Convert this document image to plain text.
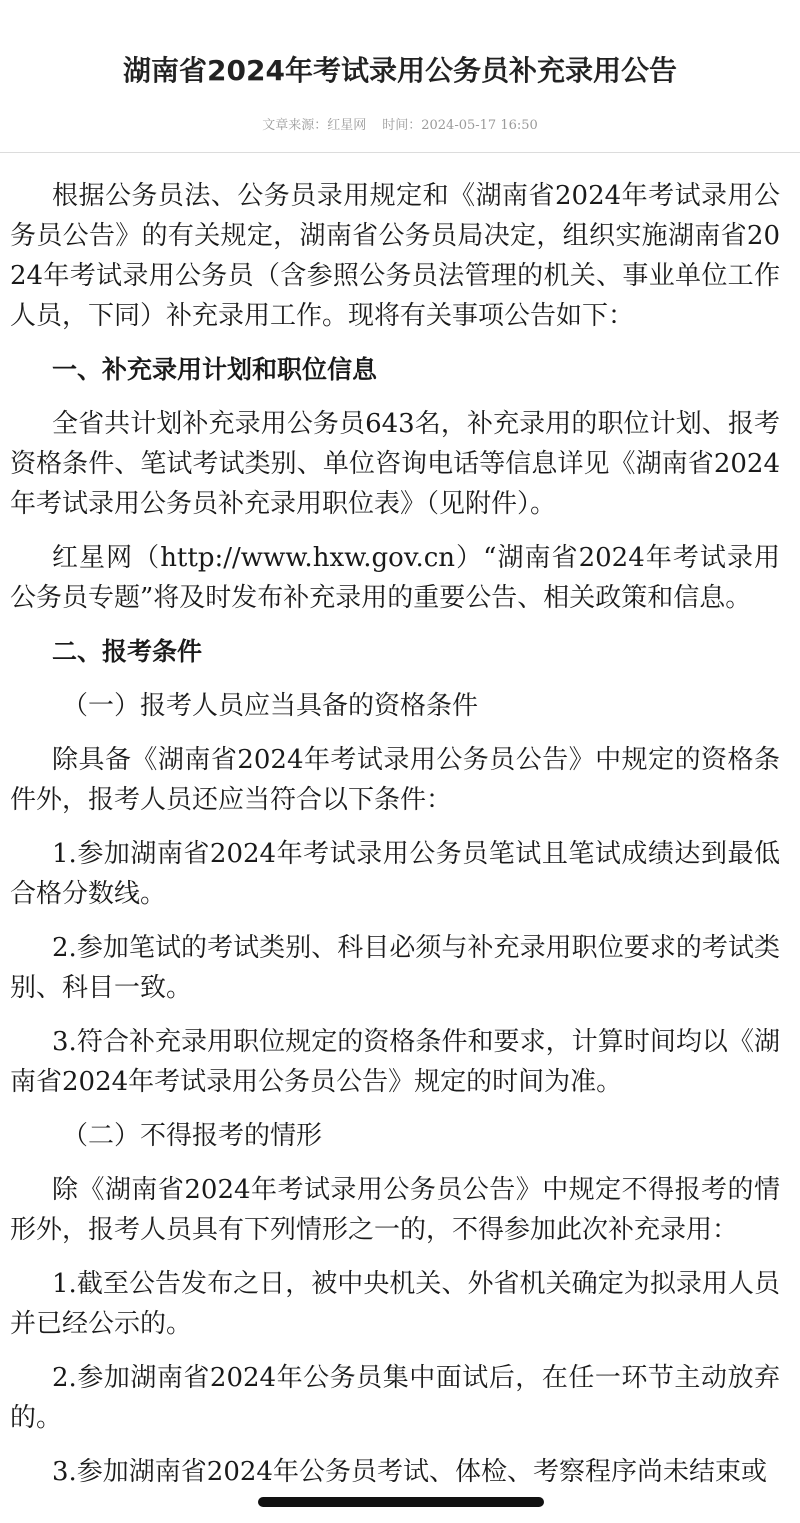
湖南省2024年考试录用公务员补充录用公告
文章来源：红星网 时间：2024-05-17 16:50

根据公务员法、公务员录用规定和《湖南省2024年考试录用公务员公告》的有关规定，湖南省公务员局决定，组织实施湖南省2024年考试录用公务员（含参照公务员法管理的机关、事业单位工作人员，下同）补充录用工作。现将有关事项公告如下：

一、补充录用计划和职位信息

全省共计划补充录用公务员643名，补充录用的职位计划、报考资格条件、笔试考试类别、单位咨询电话等信息详见《湖南省2024年考试录用公务员补充录用职位表》（见附件）。

红星网（http://www.hxw.gov.cn）“湖南省2024年考试录用公务员专题”将及时发布补充录用的重要公告、相关政策和信息。

二、报考条件

（一）报考人员应当具备的资格条件

除具备《湖南省2024年考试录用公务员公告》中规定的资格条件外，报考人员还应当符合以下条件：

1.参加湖南省2024年考试录用公务员笔试且笔试成绩达到最低合格分数线。

2.参加笔试的考试类别、科目必须与补充录用职位要求的考试类别、科目一致。

3.符合补充录用职位规定的资格条件和要求，计算时间均以《湖南省2024年考试录用公务员公告》规定的时间为准。

（二）不得报考的情形

除《湖南省2024年考试录用公务员公告》中规定不得报考的情形外，报考人员具有下列情形之一的，不得参加此次补充录用：

1.截至公告发布之日，被中央机关、外省机关确定为拟录用人员并已经公示的。

2.参加湖南省2024年公务员集中面试后，在任一环节主动放弃的。

3.参加湖南省2024年公务员考试、体检、考察程序尚未结束或
